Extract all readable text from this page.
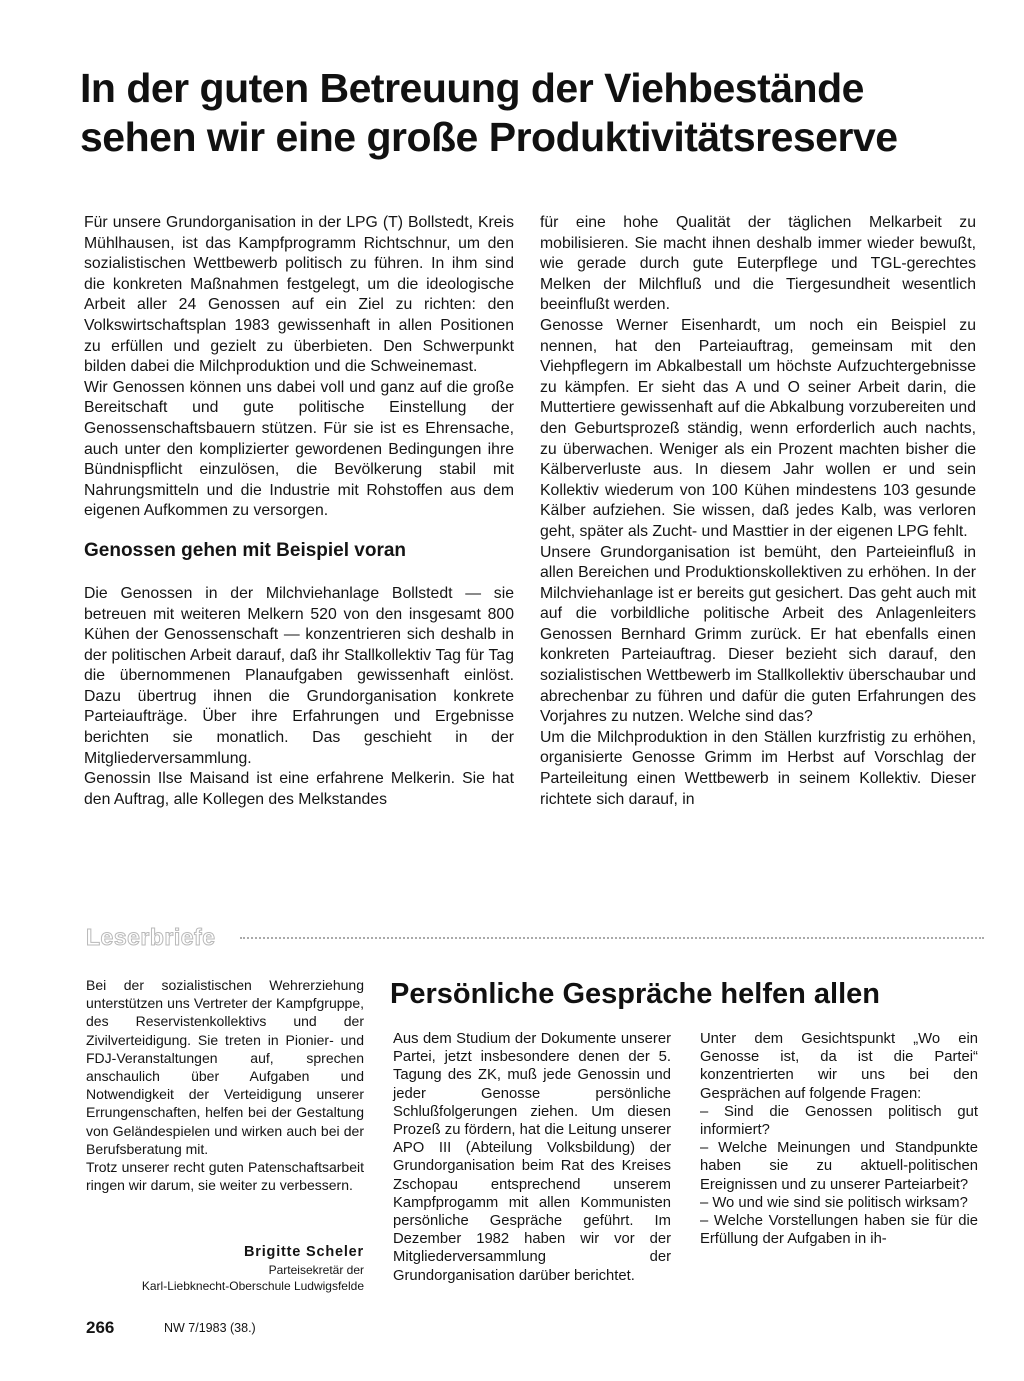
In der guten Betreuung der Viehbestände
sehen wir eine große Produktivitätsreserve

Für unsere Grundorganisation in der LPG (T) Bollstedt, Kreis Mühlhausen, ist das Kampfprogramm Richtschnur, um den sozialistischen Wettbewerb politisch zu führen. In ihm sind die konkreten Maßnahmen festgelegt, um die ideologische Arbeit aller 24 Genossen auf ein Ziel zu richten: den Volkswirtschaftsplan 1983 gewissenhaft in allen Positionen zu erfüllen und gezielt zu überbieten. Den Schwerpunkt bilden dabei die Milchproduktion und die Schweinemast.

Wir Genossen können uns dabei voll und ganz auf die große Bereitschaft und gute politische Einstellung der Genossenschaftsbauern stützen. Für sie ist es Ehrensache, auch unter den komplizierter gewordenen Bedingungen ihre Bündnispflicht einzulösen, die Bevölkerung stabil mit Nahrungsmitteln und die Industrie mit Rohstoffen aus dem eigenen Aufkommen zu versorgen.

Genossen gehen mit Beispiel voran

Die Genossen in der Milchviehanlage Bollstedt — sie betreuen mit weiteren Melkern 520 von den insgesamt 800 Kühen der Genossenschaft — konzentrieren sich deshalb in der politischen Arbeit darauf, daß ihr Stallkollektiv Tag für Tag die übernommenen Planaufgaben gewissenhaft einlöst. Dazu übertrug ihnen die Grundorganisation konkrete Parteiaufträge. Über ihre Erfahrungen und Ergebnisse berichten sie monatlich. Das geschieht in der Mitgliederversammlung.

Genossin Ilse Maisand ist eine erfahrene Melkerin. Sie hat den Auftrag, alle Kollegen des Melkstandes

für eine hohe Qualität der täglichen Melkarbeit zu mobilisieren. Sie macht ihnen deshalb immer wieder bewußt, wie gerade durch gute Euterpflege und TGL-gerechtes Melken der Milchfluß und die Tiergesundheit wesentlich beeinflußt werden.

Genosse Werner Eisenhardt, um noch ein Beispiel zu nennen, hat den Parteiauftrag, gemeinsam mit den Viehpflegern im Abkalbestall um höchste Aufzuchtergebnisse zu kämpfen. Er sieht das A und O seiner Arbeit darin, die Muttertiere gewissenhaft auf die Abkalbung vorzubereiten und den Geburtsprozeß ständig, wenn erforderlich auch nachts, zu überwachen. Weniger als ein Prozent machten bisher die Kälberverluste aus. In diesem Jahr wollen er und sein Kollektiv wiederum von 100 Kühen mindestens 103 gesunde Kälber aufziehen. Sie wissen, daß jedes Kalb, was verloren geht, später als Zucht- und Masttier in der eigenen LPG fehlt.

Unsere Grundorganisation ist bemüht, den Parteieinfluß in allen Bereichen und Produktionskollektiven zu erhöhen. In der Milchviehanlage ist er bereits gut gesichert. Das geht auch mit auf die vorbildliche politische Arbeit des Anlagenleiters Genossen Bernhard Grimm zurück. Er hat ebenfalls einen konkreten Parteiauftrag. Dieser bezieht sich darauf, den sozialistischen Wettbewerb im Stallkollektiv überschaubar und abrechenbar zu führen und dafür die guten Erfahrungen des Vorjahres zu nutzen. Welche sind das?

Um die Milchproduktion in den Ställen kurzfristig zu erhöhen, organisierte Genosse Grimm im Herbst auf Vorschlag der Parteileitung einen Wettbewerb in seinem Kollektiv. Dieser richtete sich darauf, in

Leserbriefe

Bei der sozialistischen Wehrerziehung unterstützen uns Vertreter der Kampfgruppe, des Reservistenkollektivs und der Zivilverteidigung. Sie treten in Pionier- und FDJ-Veranstaltungen auf, sprechen anschaulich über Aufgaben und Notwendigkeit der Verteidigung unserer Errungenschaften, helfen bei der Gestaltung von Geländespielen und wirken auch bei der Berufsberatung mit.

Trotz unserer recht guten Patenschaftsarbeit ringen wir darum, sie weiter zu verbessern.

Brigitte Scheler
Parteisekretär der
Karl-Liebknecht-Oberschule Ludwigsfelde
Persönliche Gespräche helfen allen

Aus dem Studium der Dokumente unserer Partei, jetzt insbesondere denen der 5. Tagung des ZK, muß jede Genossin und jeder Genosse persönliche Schlußfolgerungen ziehen. Um diesen Prozeß zu fördern, hat die Leitung unserer APO III (Abteilung Volksbildung) der Grundorganisation beim Rat des Kreises Zschopau entsprechend unserem Kampfprogamm mit allen Kommunisten persönliche Gespräche geführt. Im Dezember 1982 haben wir vor der Mitgliederversammlung der Grundorganisation darüber berichtet.

Unter dem Gesichtspunkt „Wo ein Genosse ist, da ist die Partei“ konzentrierten wir uns bei den Gesprächen auf folgende Fragen:

– Sind die Genossen politisch gut informiert?

– Welche Meinungen und Standpunkte haben sie zu aktuell-politischen Ereignissen und zu unserer Parteiarbeit?

– Wo und wie sind sie politisch wirksam?

– Welche Vorstellungen haben sie für die Erfüllung der Aufgaben in ih-

266	NW 7/1983 (38.)
